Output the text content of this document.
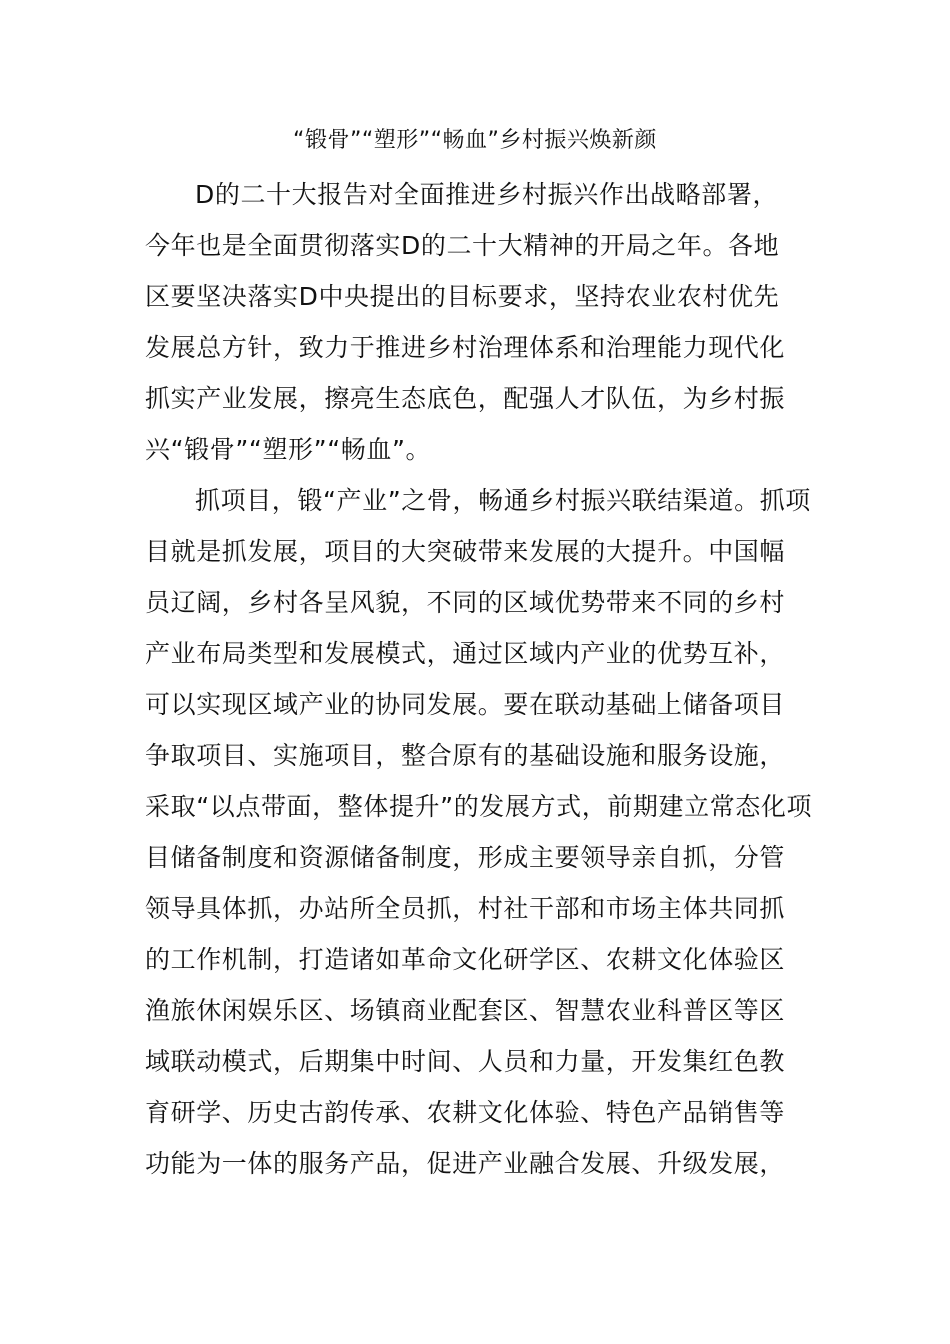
“锻骨”“塑形”“畅血”乡村振兴焕新颜
D的二十大报告对全面推进乡村振兴作出战略部署，
今年也是全面贯彻落实D的二十大精神的开局之年。各地
区要坚决落实D中央提出的目标要求，坚持农业农村优先
发展总方针，致力于推进乡村治理体系和治理能力现代化
抓实产业发展，擦亮生态底色，配强人才队伍，为乡村振
兴“锻骨”“塑形”“畅血”。
抓项目，锻“产业”之骨，畅通乡村振兴联结渠道。抓项
目就是抓发展，项目的大突破带来发展的大提升。中国幅
员辽阔，乡村各呈风貌，不同的区域优势带来不同的乡村
产业布局类型和发展模式，通过区域内产业的优势互补，
可以实现区域产业的协同发展。要在联动基础上储备项目
争取项目、实施项目，整合原有的基础设施和服务设施，
采取“以点带面，整体提升”的发展方式，前期建立常态化项
目储备制度和资源储备制度，形成主要领导亲自抓，分管
领导具体抓，办站所全员抓，村社干部和市场主体共同抓
的工作机制，打造诸如革命文化研学区、农耕文化体验区
渔旅休闲娱乐区、场镇商业配套区、智慧农业科普区等区
域联动模式，后期集中时间、人员和力量，开发集红色教
育研学、历史古韵传承、农耕文化体验、特色产品销售等
功能为一体的服务产品，促进产业融合发展、升级发展，
